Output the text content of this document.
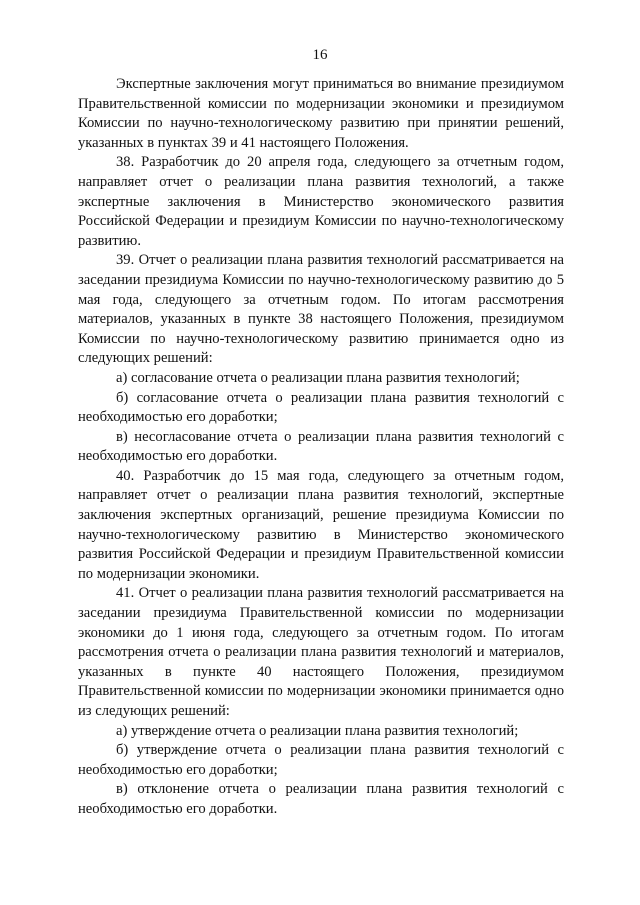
16

Экспертные заключения могут приниматься во внимание президиумом Правительственной комиссии по модернизации экономики и президиумом Комиссии по научно-технологическому развитию при принятии решений, указанных в пунктах 39 и 41 настоящего Положения.

38. Разработчик до 20 апреля года, следующего за отчетным годом, направляет отчет о реализации плана развития технологий, а также экспертные заключения в Министерство экономического развития Российской Федерации и президиум Комиссии по научно-технологическому развитию.

39. Отчет о реализации плана развития технологий рассматривается на заседании президиума Комиссии по научно-технологическому развитию до 5 мая года, следующего за отчетным годом. По итогам рассмотрения материалов, указанных в пункте 38 настоящего Положения, президиумом Комиссии по научно-технологическому развитию принимается одно из следующих решений:

а) согласование отчета о реализации плана развития технологий;

б) согласование отчета о реализации плана развития технологий с необходимостью его доработки;

в) несогласование отчета о реализации плана развития технологий с необходимостью его доработки.

40. Разработчик до 15 мая года, следующего за отчетным годом, направляет отчет о реализации плана развития технологий, экспертные заключения экспертных организаций, решение президиума Комиссии по научно-технологическому развитию в Министерство экономического развития Российской Федерации и президиум Правительственной комиссии по модернизации экономики.

41. Отчет о реализации плана развития технологий рассматривается на заседании президиума Правительственной комиссии по модернизации экономики до 1 июня года, следующего за отчетным годом. По итогам рассмотрения отчета о реализации плана развития технологий и материалов, указанных в пункте 40 настоящего Положения, президиумом Правительственной комиссии по модернизации экономики принимается одно из следующих решений:

а) утверждение отчета о реализации плана развития технологий;

б) утверждение отчета о реализации плана развития технологий с необходимостью его доработки;

в) отклонение отчета о реализации плана развития технологий с необходимостью его доработки.
